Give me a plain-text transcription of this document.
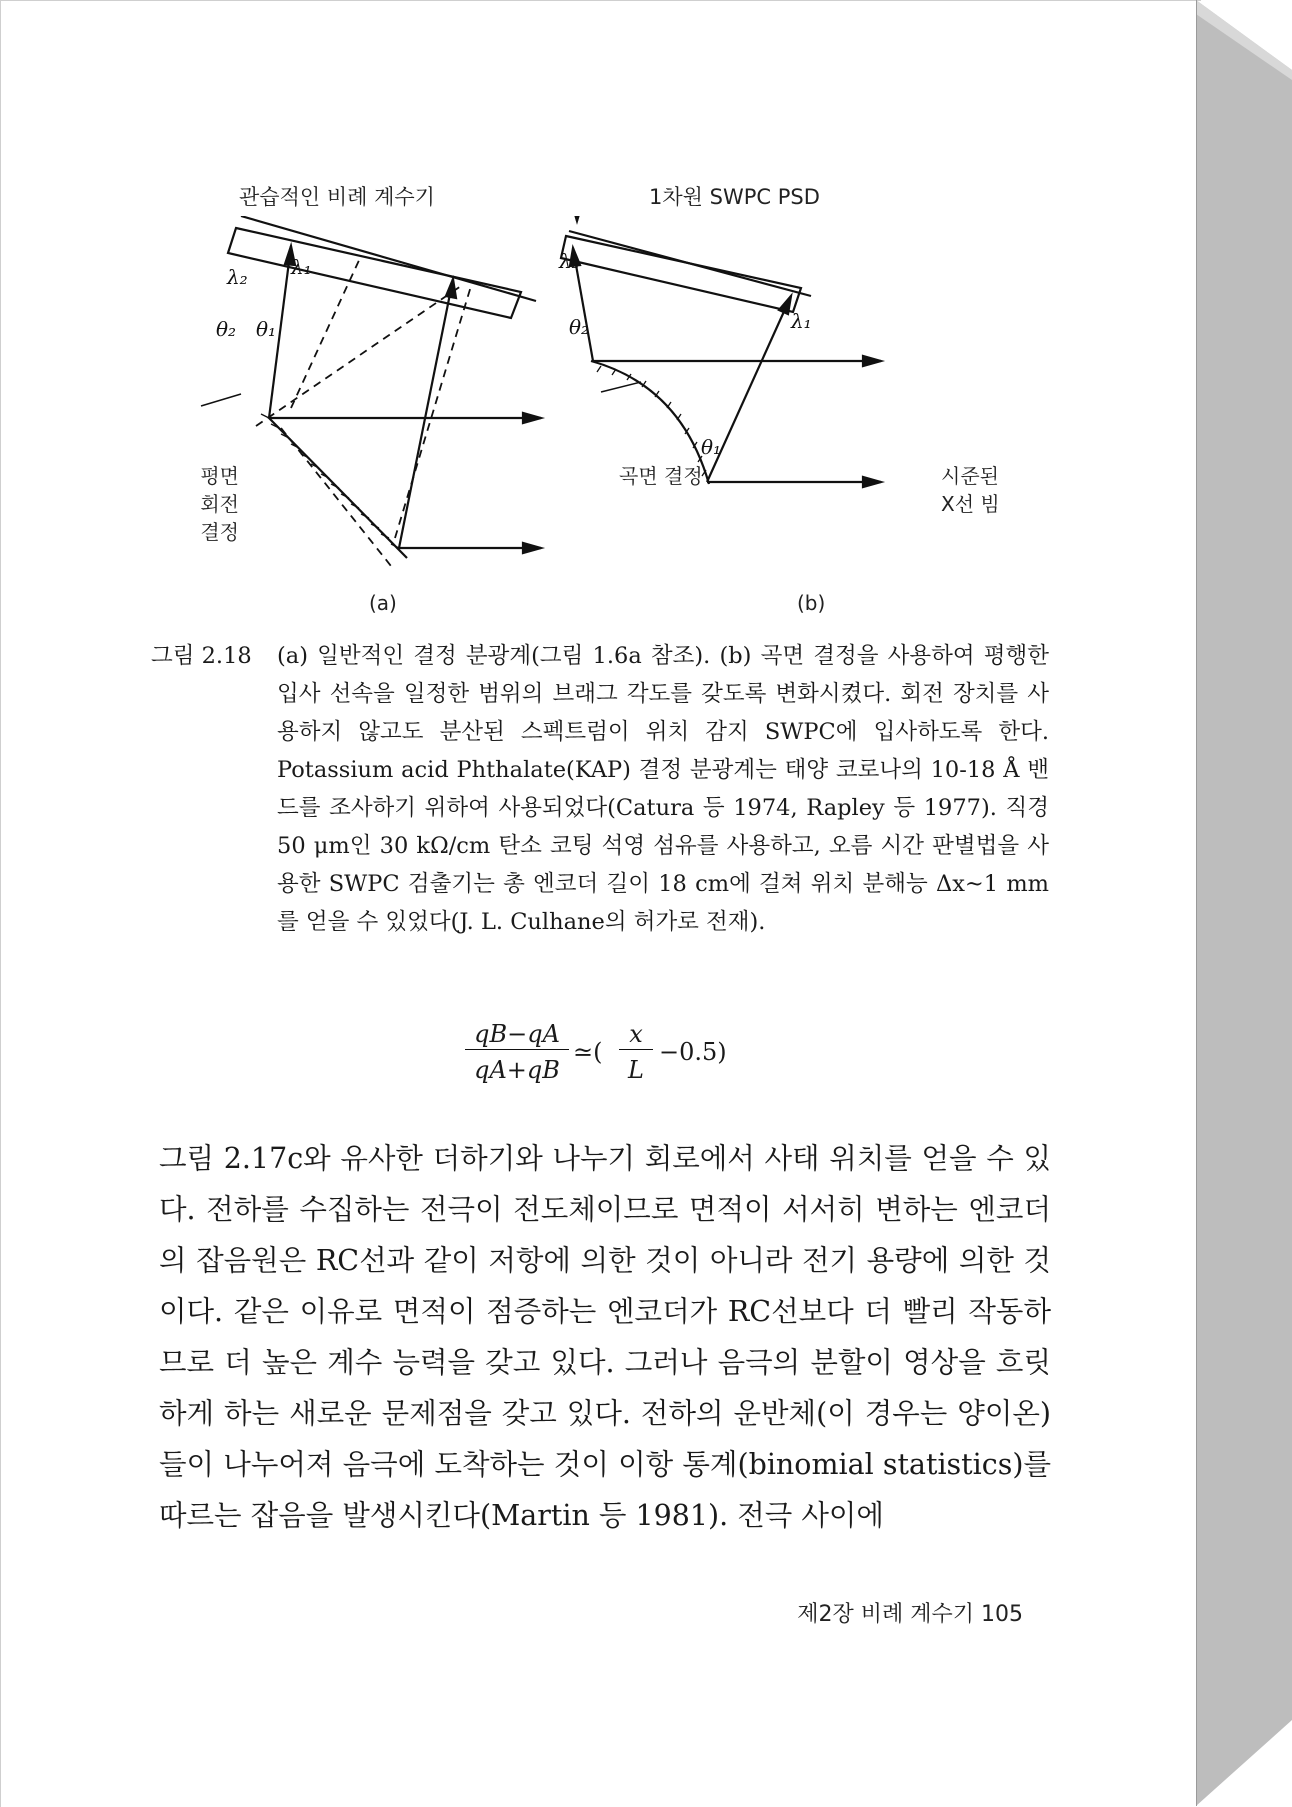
관습적인 비례 계수기	1차원 SWPC PSD
λ₂ λ₁
θ₂ θ₁
λ₂
λ₁
θ₂
θ₁
평면
회전
결정
곡면 결정	시준된
X선 빔
(a)	(b)
그림 2.18 (a) 일반적인 결정 분광계(그림 1.6a 참조). (b) 곡면 결정을 사용하여 평행한 입사 선속을 일정한 범위의 브래그 각도를 갖도록 변화시켰다. 회전 장치를 사용하지 않고도 분산된 스펙트럼이 위치 감지 SWPC에 입사하도록 한다. Potassium acid Phthalate(KAP) 결정 분광계는 태양 코로나의 10-18 Å 밴드를 조사하기 위하여 사용되었다(Catura 등 1974, Rapley 등 1977). 직경 50 μm인 30 kΩ/cm 탄소 코팅 석영 섬유를 사용하고, 오름 시간 판별법을 사용한 SWPC 검출기는 총 엔코더 길이 18 cm에 걸쳐 위치 분해능 Δx~1 mm를 얻을 수 있었다(J. L. Culhane의 허가로 전재).
qB−qA
qA+qB
≃(
x
L
−0.5)
그림 2.17c와 유사한 더하기와 나누기 회로에서 사태 위치를 얻을 수 있다. 전하를 수집하는 전극이 전도체이므로 면적이 서서히 변하는 엔코더의 잡음원은 RC선과 같이 저항에 의한 것이 아니라 전기 용량에 의한 것이다. 같은 이유로 면적이 점증하는 엔코더가 RC선보다 더 빨리 작동하므로 더 높은 계수 능력을 갖고 있다. 그러나 음극의 분할이 영상을 흐릿하게 하는 새로운 문제점을 갖고 있다. 전하의 운반체(이 경우는 양이온)들이 나누어져 음극에 도착하는 것이 이항 통계(binomial statistics)를 따르는 잡음을 발생시킨다(Martin 등 1981). 전극 사이에
제2장 비례 계수기 105
